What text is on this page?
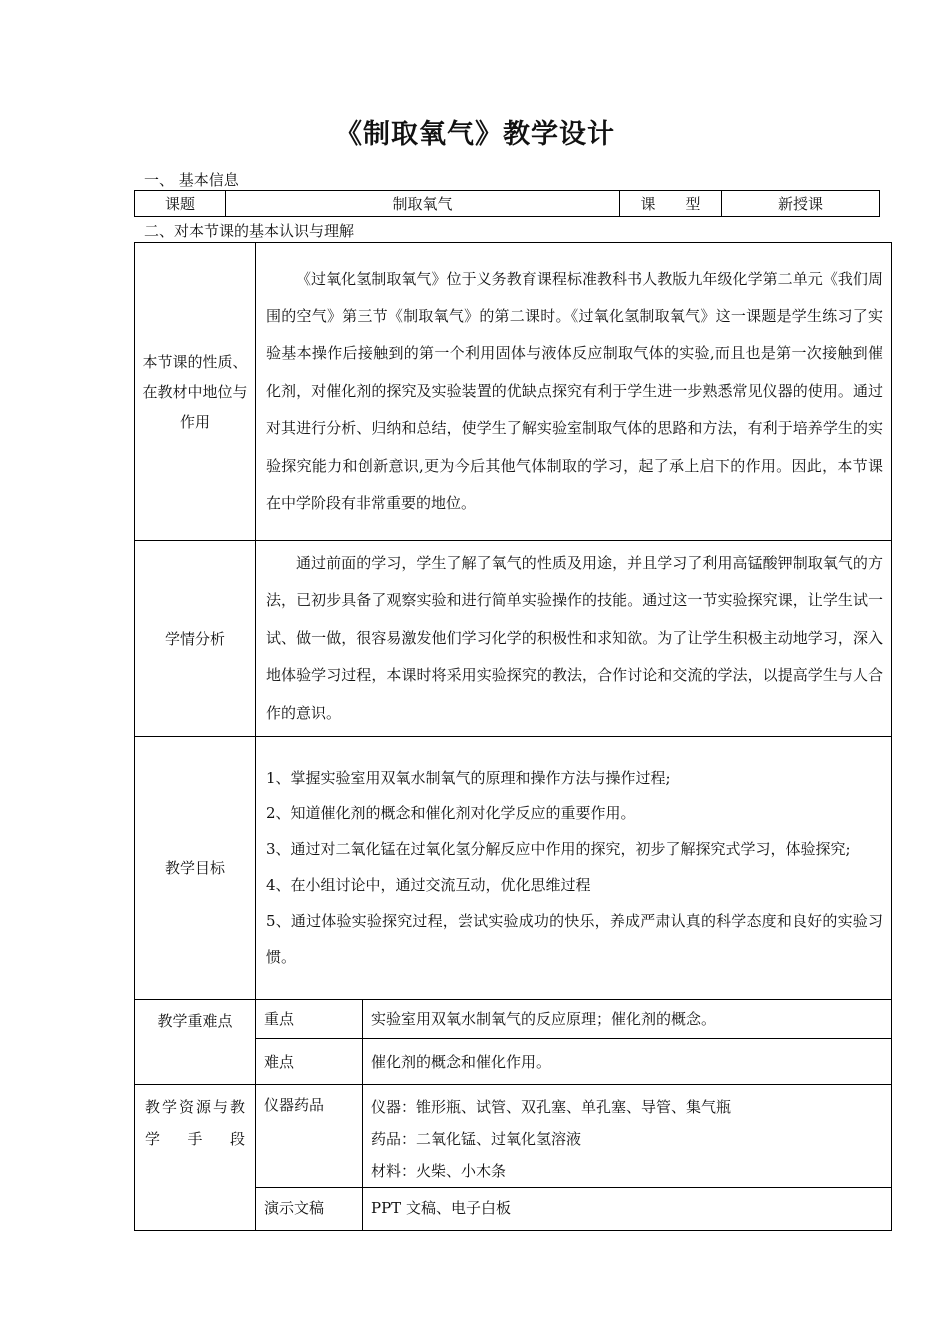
《制取氧气》教学设计
一、 基本信息
课题	制取氧气	课　　型	新授课
二、对本节课的基本认识与理解
本节课的性质、在教材中地位与作用	《过氧化氢制取氧气》位于义务教育课程标准教科书人教版九年级化学第二单元《我们周围的空气》第三节《制取氧气》的第二课时。《过氧化氢制取氧气》这一课题是学生练习了实验基本操作后接触到的第一个利用固体与液体反应制取气体的实验,而且也是第一次接触到催化剂，对催化剂的探究及实验装置的优缺点探究有利于学生进一步熟悉常见仪器的使用。通过对其进行分析、归纳和总结，使学生了解实验室制取气体的思路和方法，有利于培养学生的实验探究能力和创新意识,更为今后其他气体制取的学习，起了承上启下的作用。因此，本节课在中学阶段有非常重要的地位。	

学情分析	通过前面的学习，学生了解了氧气的性质及用途，并且学习了利用高锰酸钾制取氧气的方法，已初步具备了观察实验和进行简单实验操作的技能。通过这一节实验探究课，让学生试一试、做一做，很容易激发他们学习化学的积极性和求知欲。为了让学生积极主动地学习，深入地体验学习过程，本课时将采用实验探究的教法，合作讨论和交流的学法，以提高学生与人合作的意识。	

教学目标	1、掌握实验室用双氧水制氧气的原理和操作方法与操作过程;

2、知道催化剂的概念和催化剂对化学反应的重要作用。

3、通过对二氧化锰在过氧化氢分解反应中作用的探究，初步了解探究式学习，体验探究;

4、在小组讨论中，通过交流互动，优化思维过程

5、通过体验实验探究过程，尝试实验成功的快乐，养成严肃认真的科学态度和良好的实验习惯。	

教学重难点	重点	实验室用双氧水制氧气的反应原理；催化剂的概念。
	难点	催化剂的概念和催化作用。
教学资源与教学手段	仪器药品	仪器：锥形瓶、试管、双孔塞、单孔塞、导管、集气瓶

药品：二氧化锰、过氧化氢溶液

材料：火柴、小木条

	演示文稿	PPT 文稿、电子白板
